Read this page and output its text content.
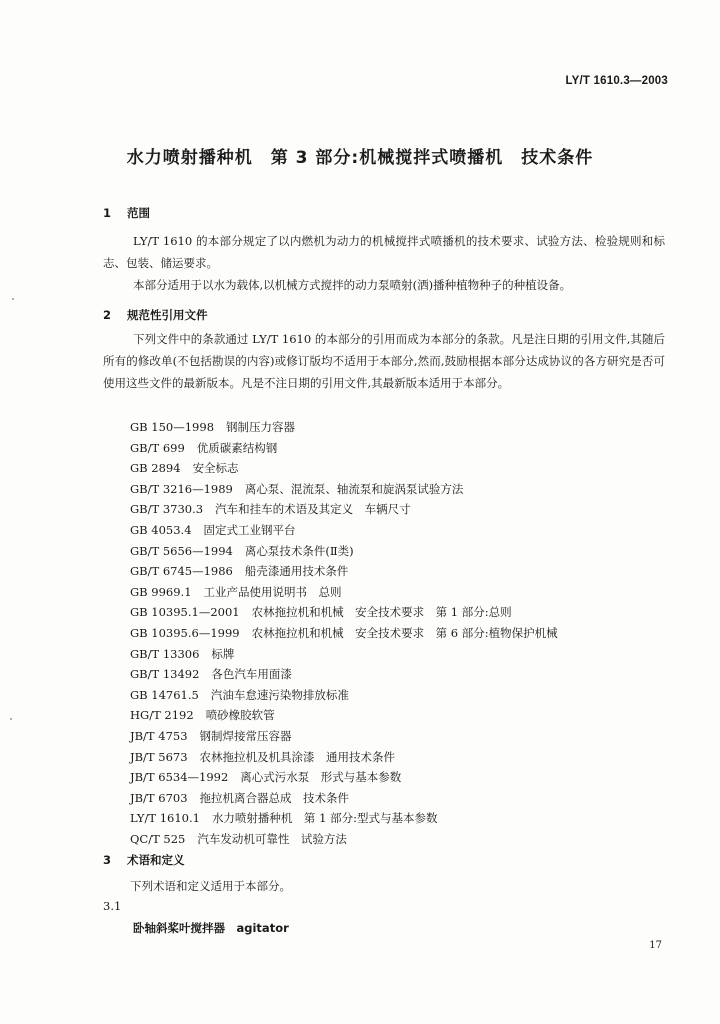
LY/T 1610.3—2003
水力喷射播种机　第 3 部分:机械搅拌式喷播机　技术条件
1 范围
LY/T 1610 的本部分规定了以内燃机为动力的机械搅拌式喷播机的技术要求、试验方法、检验规则和标志、包装、储运要求。
本部分适用于以水为载体,以机械方式搅拌的动力泵喷射(洒)播种植物种子的种植设备。
2 规范性引用文件
下列文件中的条款通过 LY/T 1610 的本部分的引用而成为本部分的条款。凡是注日期的引用文件,其随后所有的修改单(不包括勘误的内容)或修订版均不适用于本部分,然而,鼓励根据本部分达成协议的各方研究是否可使用这些文件的最新版本。凡是不注日期的引用文件,其最新版本适用于本部分。
GB 150—1998 钢制压力容器
GB/T 699 优质碳素结构钢
GB 2894 安全标志
GB/T 3216—1989 离心泵、混流泵、轴流泵和旋涡泵试验方法
GB/T 3730.3 汽车和挂车的术语及其定义　车辆尺寸
GB 4053.4 固定式工业钢平台
GB/T 5656—1994 离心泵技术条件(Ⅱ类)
GB/T 6745—1986 船壳漆通用技术条件
GB 9969.1 工业产品使用说明书　总则
GB 10395.1—2001 农林拖拉机和机械　安全技术要求　第 1 部分:总则
GB 10395.6—1999 农林拖拉机和机械　安全技术要求　第 6 部分:植物保护机械
GB/T 13306 标牌
GB/T 13492 各色汽车用面漆
GB 14761.5 汽油车怠速污染物排放标准
HG/T 2192 喷砂橡胶软管
JB/T 4753 钢制焊接常压容器
JB/T 5673 农林拖拉机及机具涂漆　通用技术条件
JB/T 6534—1992 离心式污水泵　形式与基本参数
JB/T 6703 拖拉机离合器总成　技术条件
LY/T 1610.1 水力喷射播种机　第 1 部分:型式与基本参数
QC/T 525 汽车发动机可靠性　试验方法
3 术语和定义
下列术语和定义适用于本部分。
3.1
卧轴斜桨叶搅拌器　agitator
17
